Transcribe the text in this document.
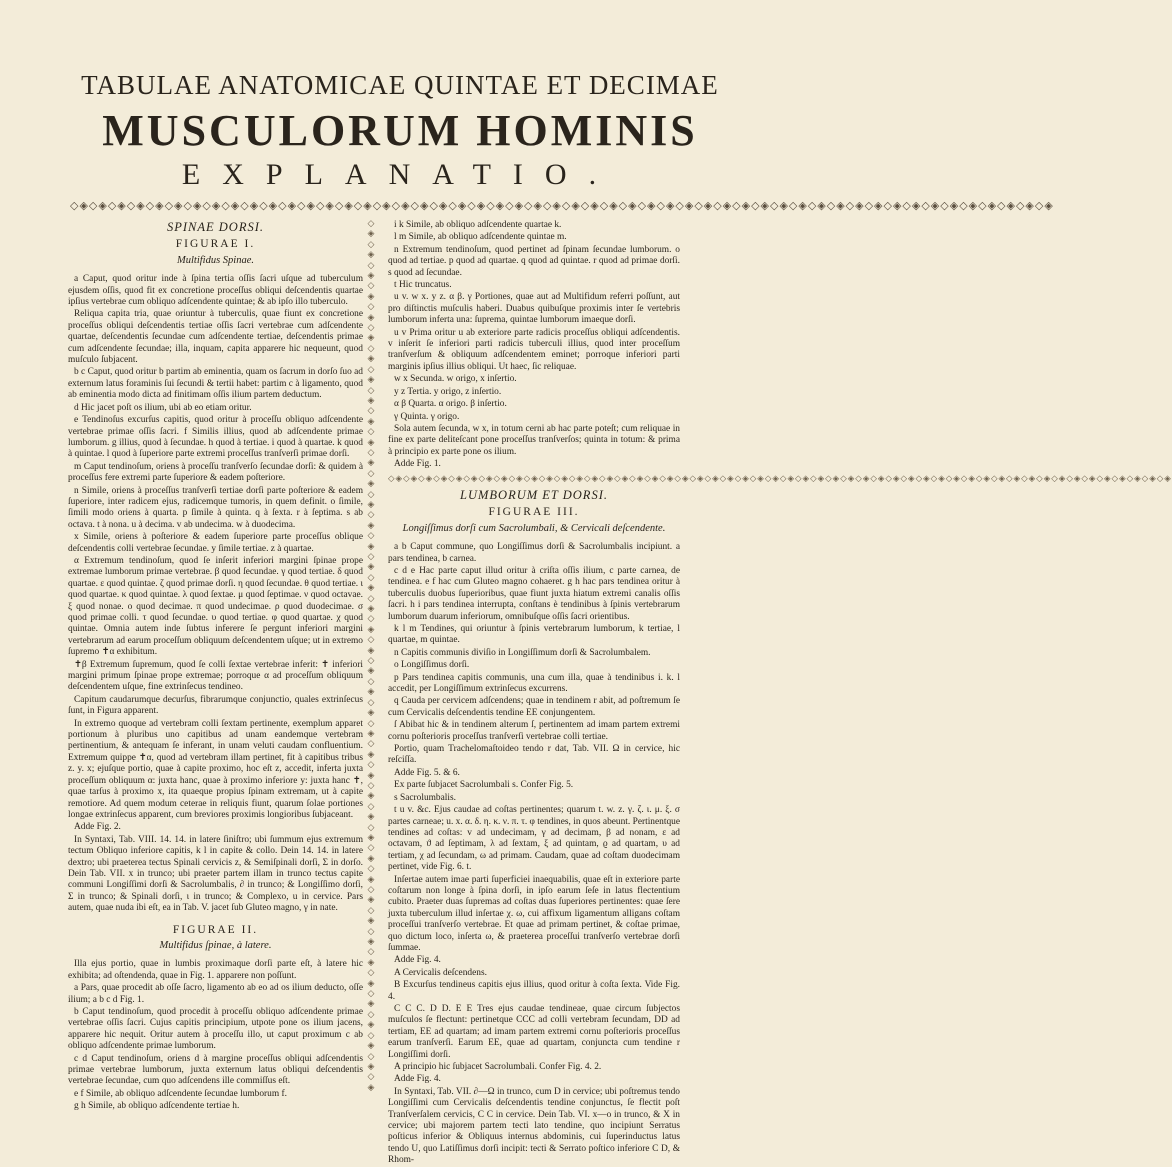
TABULAE ANATOMICAE QUINTAE ET DECIMAE
MUSCULORUM HOMINIS
EXPLANATIO.
◇◈◇◈◇◈◇◈◇◈◇◈◇◈◇◈◇◈◇◈◇◈◇◈◇◈◇◈◇◈◇◈◇◈◇◈◇◈◇◈◇◈◇◈◇◈◇◈◇◈◇◈◇◈◇◈◇◈◇◈◇◈◇◈◇◈◇◈◇◈◇◈◇◈◇◈◇◈◇◈◇◈◇◈◇◈◇◈◇◈◇◈◇◈◇◈◇◈◇◈◇◈◇◈
SPINAE DORSI.
FIGURAE I.
Multifidus Spinae.

a Caput, quod oritur inde à ſpina tertia oſſis ſacri uſque ad tuberculum ejusdem oſſis, quod fit ex concretione proceſſus obliqui deſcendentis quartae ipſius vertebrae cum obliquo adſcendente quintae; & ab ipſo illo tuberculo.

Reliqua capita tria, quae oriuntur à tuberculis, quae fiunt ex concretione proceſſus obliqui deſcendentis tertiae oſſis ſacri vertebrae cum adſcendente quartae, deſcendentis ſecundae cum adſcendente tertiae, deſcendentis primae cum adſcendente ſecundae; illa, inquam, capita apparere hic nequeunt, quod muſculo ſubjacent.

b c Caput, quod oritur b partim ab eminentia, quam os ſacrum in dorſo ſuo ad externum latus foraminis ſui ſecundi & tertii habet: partim c à ligamento, quod ab eminentia modo dicta ad finitimam oſſis ilium partem deductum.

d Hic jacet poſt os ilium, ubi ab eo etiam oritur.

e Tendinoſus excurſus capitis, quod oritur à proceſſu obliquo adſcendente vertebrae primae oſſis ſacri. f Similis illius, quod ab adſcendente primae lumborum. g illius, quod à ſecundae. h quod à tertiae. i quod à quartae. k quod à quintae. l quod à ſuperiore parte extremi proceſſus tranſverſi primae dorſi.

m Caput tendinoſum, oriens à proceſſu tranſverſo ſecundae dorſi: & quidem à proceſſus fere extremi parte ſuperiore & eadem poſteriore.

n Simile, oriens à proceſſus tranſverſi tertiae dorſi parte poſteriore & eadem ſuperiore, inter radicem ejus, radicemque tumoris, in quem definit. o ſimile, ſimili modo oriens à quarta. p ſimile à quinta. q à ſexta. r à ſeptima. s ab octava. t à nona. u à decima. v ab undecima. w à duodecima.

x Simile, oriens à poſteriore & eadem ſuperiore parte proceſſus oblique deſcendentis colli vertebrae ſecundae. y ſimile tertiae. z à quartae.

α Extremum tendinoſum, quod ſe inſerit inferiori margini ſpinae prope extremae lumborum primae vertebrae. β quod ſecundae. γ quod tertiae. δ quod quartae. ε quod quintae. ζ quod primae dorſi. η quod ſecundae. θ quod tertiae. ι quod quartae. κ quod quintae. λ quod ſextae. μ quod ſeptimae. ν quod octavae. ξ quod nonae. ο quod decimae. π quod undecimae. ρ quod duodecimae. σ quod primae colli. τ quod ſecundae. υ quod tertiae. φ quod quartae. χ quod quintae. Omnia autem inde ſubtus inferere ſe pergunt inferiori margini vertebrarum ad earum proceſſum obliquum deſcendentem uſque; ut in extremo ſupremo ✝α exhibitum.

✝β Extremum ſupremum, quod ſe colli ſextae vertebrae inferit: ✝ inferiori margini primum ſpinae prope extremae; porroque α ad proceſſum obliquum deſcendentem uſque, fine extrinſecus tendineo.

Capitum caudarumque decurſus, fibrarumque conjunctio, quales extrinſecus ſunt, in Figura apparent.

In extremo quoque ad vertebram colli ſextam pertinente, exemplum apparet portionum à pluribus uno capitibus ad unam eandemque vertebram pertinentium, & antequam ſe inferant, in unam veluti caudam confluentium. Extremum quippe ✝α, quod ad vertebram illam pertinet, fit à capitibus tribus z. y. x; ejuſque portio, quae à capite proximo, hoc eſt z, accedit, inferta juxta proceſſum obliquum α: juxta hanc, quae à proximo inferiore y: juxta hanc ✝, quae tarſus à proximo x, ita quaeque propius ſpinam extremam, ut à capite remotiore. Ad quem modum ceterae in reliquis fiunt, quarum ſolae portiones longae extrinſecus apparent, cum breviores proximis longioribus ſubjaceant.

Adde Fig. 2.

In Syntaxi, Tab. VIII. 14. 14. in latere ſiniſtro; ubi ſummum ejus extremum tectum Obliquo inferiore capitis, k l in capite & collo. Dein 14. 14. in latere dextro; ubi praeterea tectus Spinali cervicis z, & Semiſpinali dorſi, Σ in dorſo. Dein Tab. VII. x in trunco; ubi praeter partem illam in trunco tectus capite communi Longiſſimi dorſi & Sacrolumbalis, ∂ in trunco; & Longiſſimo dorſi, Σ in trunco; & Spinali dorſi, ι in trunco; & Complexo, u in cervice. Pars autem, quae nuda ibi eſt, ea in Tab. V. jacet ſub Gluteo magno, γ in nate.

FIGURAE II.
Multifidus ſpinae, à latere.

Illa ejus portio, quae in lumbis proximaque dorſi parte eſt, à latere hic exhibita; ad oſtendenda, quae in Fig. 1. apparere non poſſunt.

a Pars, quae procedit ab oſſe ſacro, ligamento ab eo ad os ilium deducto, oſſe ilium; a b c d Fig. 1.

b Caput tendinoſum, quod procedit à proceſſu obliquo adſcendente primae vertebrae oſſis ſacri. Cujus capitis principium, utpote pone os ilium jacens, apparere hic nequit. Oritur autem à proceſſu illo, ut caput proximum c ab obliquo adſcendente primae lumborum.

c d Caput tendinoſum, oriens d à margine proceſſus obliqui adſcendentis primae vertebrae lumborum, juxta externum latus obliqui deſcendentis vertebrae ſecundae, cum quo adſcendens ille commiſſus eſt.

e f Simile, ab obliquo adſcendente ſecundae lumborum f.

g h Simile, ab obliquo adſcendente tertiae h.

◇
◈
◇
◈
◇
◈
◇
◈
◇
◈
◇
◈
◇
◈
◇
◈
◇
◈
◇
◈
◇
◈
◇
◈
◇
◈
◇
◈
◇
◈
◇
◈
◇
◈
◇
◈
◇
◈
◇
◈
◇
◈
◇
◈
◇
◈
◇
◈
◇
◈
◇
◈
◇
◈
◇
◈
◇
◈
◇
◈
◇
◈
◇
◈
◇
◈
◇
◈
◇
◈
◇
◈
◇
◈
◇
◈
◇
◈
◇
◈
◇
◈
◇
◈

i k Simile, ab obliquo adſcendente quartae k.

l m Simile, ab obliquo adſcendente quintae m.

n Extremum tendinoſum, quod pertinet ad ſpinam ſecundae lumborum. o quod ad tertiae. p quod ad quartae. q quod ad quintae. r quod ad primae dorſi. s quod ad ſecundae.

t Hic truncatus.

u v. w x. y z. α β. γ Portiones, quae aut ad Multifidum referri poſſunt, aut pro diſtinctis muſculis haberi. Duabus quibuſque proximis inter ſe vertebris lumborum inferta una: ſuprema, quintae lumborum imaeque dorſi.

u v Prima oritur u ab exteriore parte radicis proceſſus obliqui adſcendentis. v inſerit ſe inferiori parti radicis tuberculi illius, quod inter proceſſum tranſverſum & obliquum adſcendentem eminet; porroque inferiori parti marginis ipſius illius obliqui. Ut haec, ſic reliquae.

w x Secunda. w origo, x inſertio.

y z Tertia. y origo, z inſertio.

α β Quarta. α origo. β inſertio.

γ Quinta. γ origo.

Sola autem ſecunda, w x, in totum cerni ab hac parte poteſt; cum reliquae in fine ex parte deliteſcant pone proceſſus tranſverſos; quinta in totum: & prima à principio ex parte pone os ilium.

Adde Fig. 1.

◇◈◇◈◇◈◇◈◇◈◇◈◇◈◇◈◇◈◇◈◇◈◇◈◇◈◇◈◇◈◇◈◇◈◇◈◇◈◇◈◇◈◇◈◇◈◇◈◇◈◇◈◇◈◇◈◇◈◇◈◇◈◇◈◇◈◇◈◇◈◇◈◇◈◇◈◇◈◇◈◇◈◇◈◇◈◇◈◇◈◇◈◇◈◇◈◇◈◇◈◇◈◇◈
LUMBORUM ET DORSI.
FIGURAE III.
Longiſſimus dorſi cum Sacrolumbali, & Cervicali deſcendente.

a b Caput commune, quo Longiſſimus dorſi & Sacrolumbalis incipiunt. a pars tendinea, b carnea.

c d e Hac parte caput illud oritur à criſta oſſis ilium, c parte carnea, de tendinea. e f hac cum Gluteo magno cohaeret. g h hac pars tendinea oritur à tuberculis duobus ſuperioribus, quae fiunt juxta hiatum extremi canalis oſſis ſacri. h i pars tendinea interrupta, conſtans è tendinibus à ſpinis vertebrarum lumborum duarum inferiorum, omnibuſque oſſis ſacri orientibus.

k l m Tendines, qui oriuntur à ſpinis vertebrarum lumborum, k tertiae, l quartae, m quintae.

n Capitis communis diviſio in Longiſſimum dorſi & Sacrolumbalem.

o Longiſſimus dorſi.

p Pars tendinea capitis communis, una cum illa, quae à tendinibus i. k. l accedit, per Longiſſimum extrinſecus excurrens.

q Cauda per cervicem adſcendens; quae in tendinem r abit, ad poſtremum ſe cum Cervicalis deſcendentis tendine EE conjungentem.

ſ Abibat hic & in tendinem alterum ſ, pertinentem ad imam partem extremi cornu poſterioris proceſſus tranſverſi vertebrae colli tertiae.

Portio, quam Trachelomaſtoideo tendo r dat, Tab. VII. Ω in cervice, hic reſciſſa.

Adde Fig. 5. & 6.

Ex parte ſubjacet Sacrolumbali s. Confer Fig. 5.

s Sacrolumbalis.

t u v. &c. Ejus caudae ad coſtas pertinentes; quarum t. w. z. γ. ζ. ι. μ. ξ. σ partes carneae; u. x. α. δ. η. κ. ν. π. τ. φ tendines, in quos abeunt. Pertinentque tendines ad coſtas: v ad undecimam, γ ad decimam, β ad nonam, ε ad octavam, ϑ ad ſeptimam, λ ad ſextam, ξ ad quintam, ϱ ad quartam, υ ad tertiam, χ ad ſecundam, ω ad primam. Caudam, quae ad coſtam duodecimam pertinet, vide Fig. 6. t.

Inſertae autem imae parti ſuperficiei inaequabilis, quae eſt in exteriore parte coſtarum non longe à ſpina dorſi, in ipſo earum ſeſe in latus flectentium cubito. Praeter duas ſupremas ad coſtas duas ſuperiores pertinentes: quae ſere juxta tuberculum illud inſertae χ. ω, cui affixum ligamentum alligans coſtam proceſſui tranſverſo vertebrae. Et quae ad primam pertinet, & coſtae primae, quo dictum loco, inſerta ω, & praeterea proceſſui tranſverſo vertebrae dorſi ſummae.

Adde Fig. 4.

A Cervicalis deſcendens.

B Excurſus tendineus capitis ejus illius, quod oritur à coſta ſexta. Vide Fig. 4.

C C C. D D. E E Tres ejus caudae tendineae, quae circum ſubjectos muſculos ſe flectunt: pertinetque CCC ad colli vertebram ſecundam, DD ad tertiam, EE ad quartam; ad imam partem extremi cornu poſterioris proceſſus earum tranſverſi. Earum EE, quae ad quartam, conjuncta cum tendine r Longiſſimi dorſi.

A principio hic ſubjacet Sacrolumbali. Confer Fig. 4. 2.

Adde Fig. 4.

In Syntaxi, Tab. VII. ∂—Ω in trunco, cum D in cervice; ubi poſtremus tendo Longiſſimi cum Cervicalis deſcendentis tendine conjunctus, ſe flectit poſt Tranſverſalem cervicis, C C in cervice. Dein Tab. VI. x—o in trunco, & X in cervice; ubi majorem partem tecti lato tendine, quo incipiunt Serratus poſticus inferior & Obliquus internus abdominis, cui ſuperinductus latus tendo U, quo Latiſſimus dorſi incipit: tecti & Serrato poſtico inferiore C D, & Rhom-
